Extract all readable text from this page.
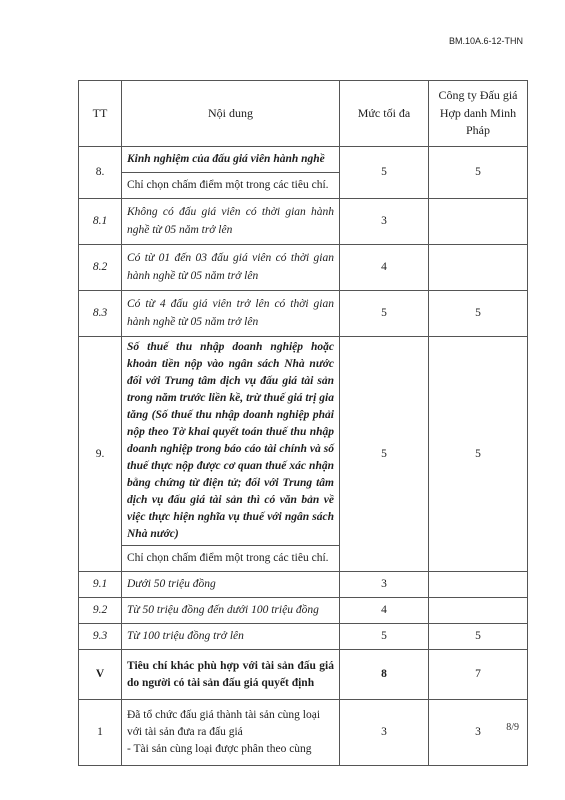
BM.10A.6-12-THN
TT	Nội dung	Mức tối đa	Công ty Đấu giá Hợp danh Minh Pháp
8.	Kinh nghiệm của đấu giá viên hành nghề	5	5
	Chỉ chọn chấm điểm một trong các tiêu chí.		
8.1	Không có đấu giá viên có thời gian hành nghề từ 05 năm trở lên	3	
8.2	Có từ 01 đến 03 đấu giá viên có thời gian hành nghề từ 05 năm trở lên	4	
8.3	Có từ 4 đấu giá viên trở lên có thời gian hành nghề từ 05 năm trở lên	5	5
9.	Số thuế thu nhập doanh nghiệp hoặc khoản tiền nộp vào ngân sách Nhà nước đối với Trung tâm dịch vụ đấu giá tài sản trong năm trước liền kề, trừ thuế giá trị gia tăng (Số thuế thu nhập doanh nghiệp phải nộp theo Tờ khai quyết toán thuế thu nhập doanh nghiệp trong báo cáo tài chính và số thuế thực nộp được cơ quan thuế xác nhận bằng chứng từ điện tử; đối với Trung tâm dịch vụ đấu giá tài sản thì có văn bản về việc thực hiện nghĩa vụ thuế với ngân sách Nhà nước)	5	5
	Chỉ chọn chấm điểm một trong các tiêu chí.		
9.1	Dưới 50 triệu đồng	3	
9.2	Từ 50 triệu đồng đến dưới 100 triệu đồng	4	
9.3	Từ 100 triệu đồng trở lên	5	5
V	Tiêu chí khác phù hợp với tài sản đấu giá do người có tài sản đấu giá quyết định	8	7
1	Đã tổ chức đấu giá thành tài sản cùng loại với tài sản đưa ra đấu giá
- Tài sản cùng loại được phân theo cùng	3	3	8/9
